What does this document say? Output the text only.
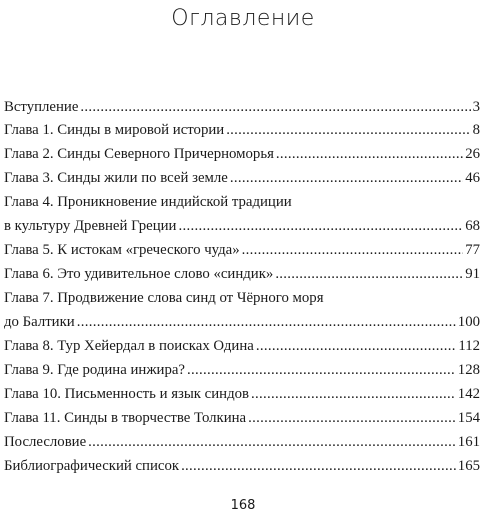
Оглавление
Вступление .....	3
Глава 1. Синды в мировой истории .....	8
Глава 2. Синды Северного Причерноморья .....	26
Глава 3. Синды жили по всей земле .....	46
Глава 4. Проникновение индийской традиции
в культуру Древней Греции .....	68
Глава 5. К истокам «греческого чуда» .....	77
Глава 6. Это удивительное слово «синдик» .....	91
Глава 7. Продвижение слова синд от Чёрного моря
до Балтики .....	100
Глава 8. Тур Хейердал в поисках Одина .....	112
Глава 9. Где родина инжира? .....	128
Глава 10. Письменность и язык синдов .....	142
Глава 11. Синды в творчестве Толкина .....	154
Послесловие .....	161
Библиографический список .....	165
168
